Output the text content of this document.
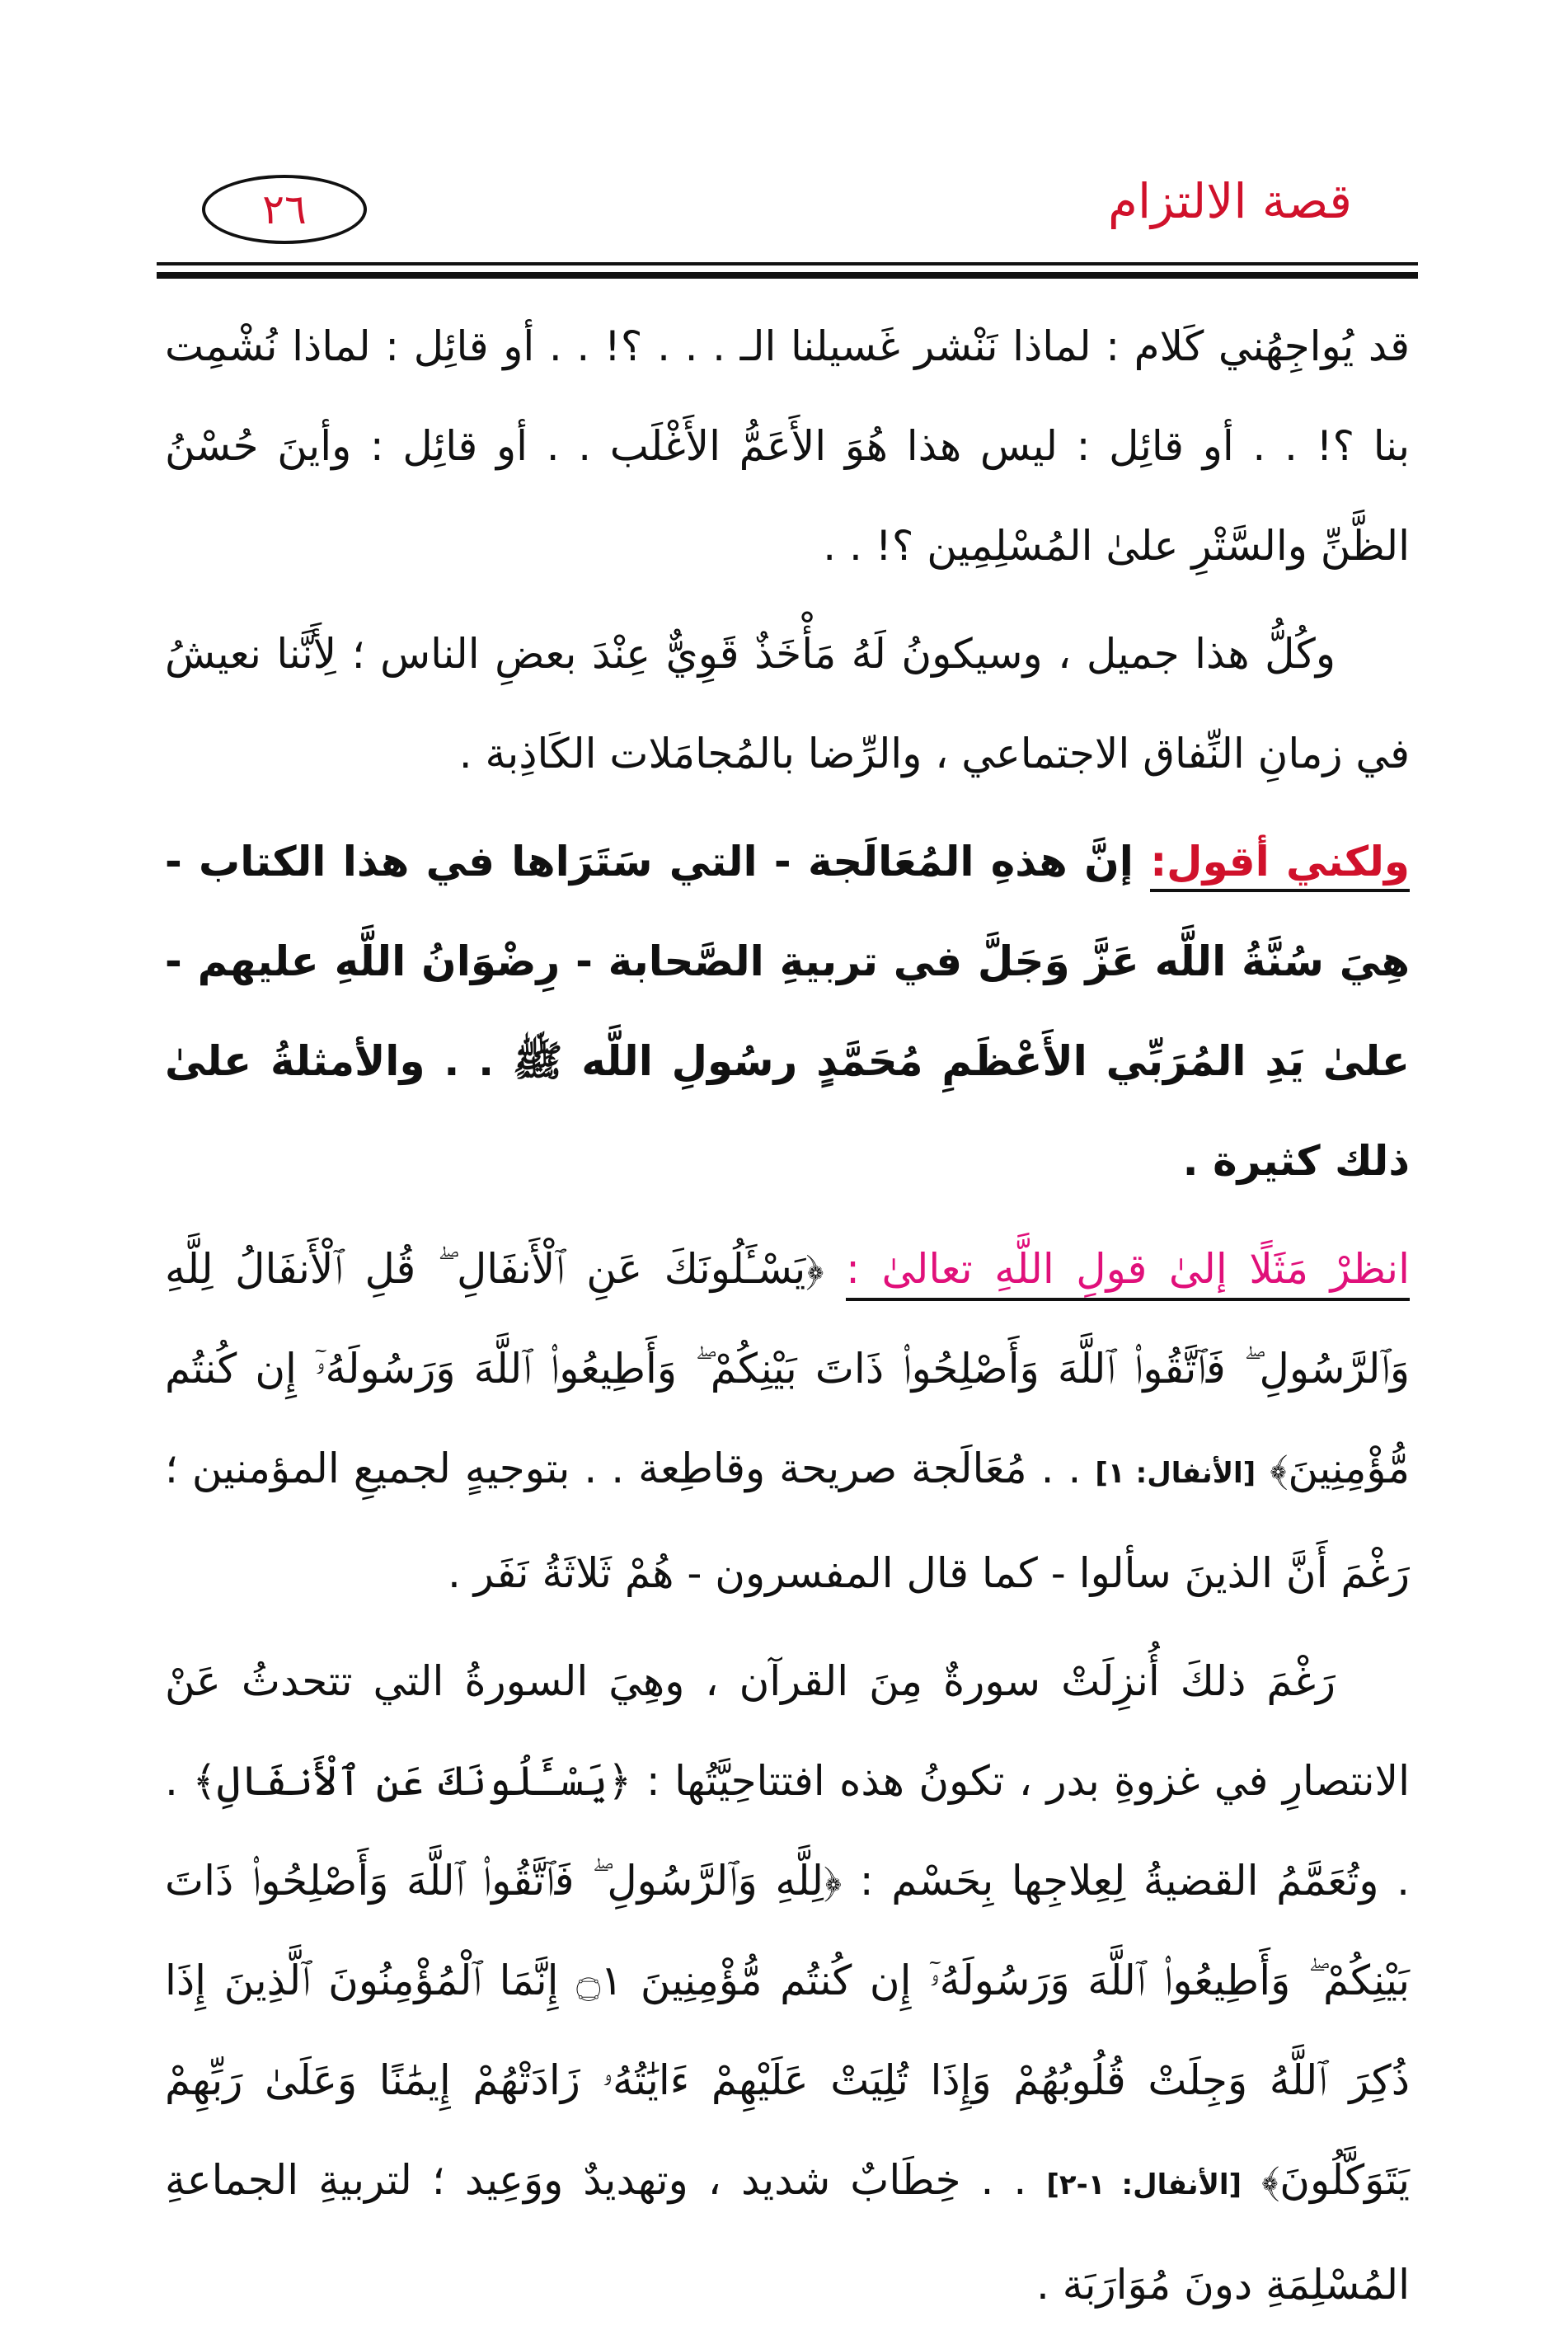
٢٦	قصة الالتزام

قد يُواجِهُني كَلام : لماذا نَنْشر غَسيلنا الـ . . . ؟! . . أو قائِل : لماذا نُشْمِت بنا ؟! . . أو قائِل : ليس هذا هُوَ الأَعَمُّ الأَغْلَب . . أو قائِل : وأينَ حُسْنُ الظَّنِّ والسَّتْرِ علىٰ المُسْلِمِين ؟! . .

وكُلُّ هذا جميل ، وسيكونُ لَهُ مَأْخَذٌ قَوِيٌّ عِنْدَ بعضِ الناس ؛ لِأَنَّنا نعيشُ في زمانِ النِّفاق الاجتماعي ، والرِّضا بالمُجامَلات الكَاذِبة .

ولكني أقول: إنَّ هذهِ المُعَالَجة - التي سَتَرَاها في هذا الكتاب - هِيَ سُنَّةُ اللَّه عَزَّ وَجَلَّ في تربيةِ الصَّحابة - رِضْوَانُ اللَّهِ عليهم - علىٰ يَدِ المُرَبِّي الأَعْظَمِ مُحَمَّدٍ رسُولِ اللَّه ﷺ . . والأمثلةُ علىٰ ذلك كثيرة .

انظرْ مَثَلًا إلىٰ قولِ اللَّهِ تعالىٰ : ﴿يَسْـَٔلُونَكَ عَنِ ٱلْأَنفَالِ ۖ قُلِ ٱلْأَنفَالُ لِلَّهِ وَٱلرَّسُولِ ۖ فَٱتَّقُوا۟ ٱللَّهَ وَأَصْلِحُوا۟ ذَاتَ بَيْنِكُمْ ۖ وَأَطِيعُوا۟ ٱللَّهَ وَرَسُولَهُۥٓ إِن كُنتُم مُّؤْمِنِينَ﴾ [الأنفال: ١] . . مُعَالَجة صريحة وقاطِعة . . بتوجيهٍ لجميعِ المؤمنين ؛ رَغْمَ أَنَّ الذينَ سألوا - كما قال المفسرون - هُمْ ثَلاثَةُ نَفَر .

رَغْمَ ذلكَ أُنزِلَتْ سورةٌ مِنَ القرآن ، وهِيَ السورةُ التي تتحدثُ عَنْ الانتصارِ في غزوةِ بدر ، تكونُ هذه افتتاحِيَّتُها : ﴿يَسْـَٔلُونَكَ عَنِ ٱلْأَنفَالِ﴾ . . وتُعَمَّمُ القضيةُ لِعِلاجِها بِحَسْم : ﴿لِلَّهِ وَٱلرَّسُولِ ۖ فَٱتَّقُوا۟ ٱللَّهَ وَأَصْلِحُوا۟ ذَاتَ بَيْنِكُمْ ۖ وَأَطِيعُوا۟ ٱللَّهَ وَرَسُولَهُۥٓ إِن كُنتُم مُّؤْمِنِينَ ۝١ إِنَّمَا ٱلْمُؤْمِنُونَ ٱلَّذِينَ إِذَا ذُكِرَ ٱللَّهُ وَجِلَتْ قُلُوبُهُمْ وَإِذَا تُلِيَتْ عَلَيْهِمْ ءَايَٰتُهُۥ زَادَتْهُمْ إِيمَٰنًا وَعَلَىٰ رَبِّهِمْ يَتَوَكَّلُونَ﴾ [الأنفال: ١-٢] . . خِطَابٌ شديد ، وتهديدٌ ووَعِيد ؛ لتربيةِ الجماعةِ المُسْلِمَةِ دونَ مُوَارَبَة .
